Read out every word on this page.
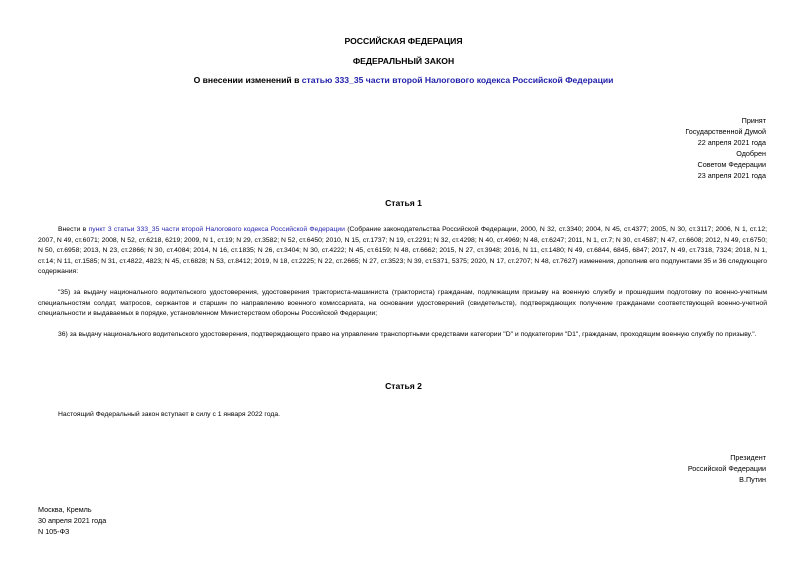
РОССИЙСКАЯ ФЕДЕРАЦИЯ
ФЕДЕРАЛЬНЫЙ ЗАКОН
О внесении изменений в статью 333_35 части второй Налогового кодекса Российской Федерации
Принят
Государственной Думой
22 апреля 2021 года
Одобрен
Советом Федерации
23 апреля 2021 года
Статья 1
Внести в пункт 3 статьи 333_35 части второй Налогового кодекса Российской Федерации (Собрание законодательства Российской Федерации, 2000, N 32, ст.3340; 2004, N 45, ст.4377; 2005, N 30, ст.3117; 2006, N 1, ст.12; 2007, N 49, ст.6071; 2008, N 52, ст.6218, 6219; 2009, N 1, ст.19; N 29, ст.3582; N 52, ст.6450; 2010, N 15, ст.1737; N 19, ст.2291; N 32, ст.4298; N 40, ст.4969; N 48, ст.6247; 2011, N 1, ст.7; N 30, ст.4587; N 47, ст.6608; 2012, N 49, ст.6750; N 50, ст.6958; 2013, N 23, ст.2866; N 30, ст.4084; 2014, N 16, ст.1835; N 26, ст.3404; N 30, ст.4222; N 45, ст.6159; N 48, ст.6662; 2015, N 27, ст.3948; 2016, N 11, ст.1480; N 49, ст.6844, 6845, 6847; 2017, N 49, ст.7318, 7324; 2018, N 1, ст.14; N 11, ст.1585; N 31, ст.4822, 4823; N 45, ст.6828; N 53, ст.8412; 2019, N 18, ст.2225; N 22, ст.2665; N 27, ст.3523; N 39, ст.5371, 5375; 2020, N 17, ст.2707; N 48, ст.7627) изменения, дополнив его подпунктами 35 и 36 следующего содержания:
"35) за выдачу национального водительского удостоверения, удостоверения тракториста-машиниста (тракториста) гражданам, подлежащим призыву на военную службу и прошедшим подготовку по военно-учетным специальностям солдат, матросов, сержантов и старшин по направлению военного комиссариата, на основании удостоверений (свидетельств), подтверждающих получение гражданами соответствующей военно-учетной специальности и выдаваемых в порядке, установленном Министерством обороны Российской Федерации;
36) за выдачу национального водительского удостоверения, подтверждающего право на управление транспортными средствами категории "D" и подкатегории "D1", гражданам, проходящим военную службу по призыву.".
Статья 2
Настоящий Федеральный закон вступает в силу с 1 января 2022 года.
Президент
Российской Федерации
В.Путин
Москва, Кремль
30 апреля 2021 года
N 105-ФЗ
